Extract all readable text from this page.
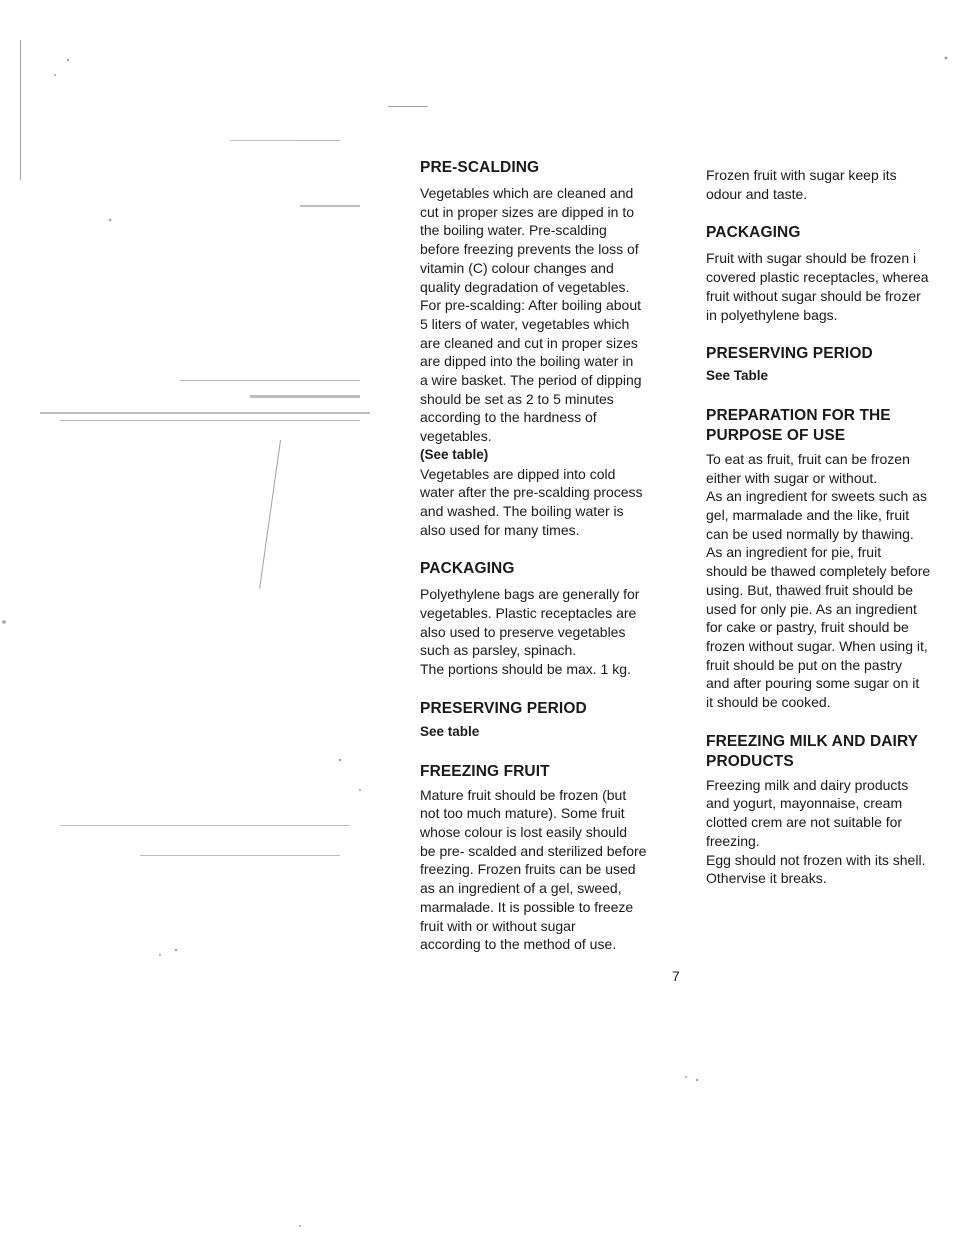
PRE-SCALDING

Vegetables which are cleaned and
cut in proper sizes are dipped in to
the boiling water. Pre-scalding
before freezing prevents the loss of
vitamin (C) colour changes and
quality degradation of vegetables.
For pre-scalding: After boiling about
5 liters of water, vegetables which
are cleaned and cut in proper sizes
are dipped into the boiling water in
a wire basket. The period of dipping
should be set as 2 to 5 minutes
according to the hardness of
vegetables.

(See table)

Vegetables are dipped into cold
water after the pre-scalding process
and washed. The boiling water is
also used for many times.

PACKAGING

Polyethylene bags are generally for
vegetables. Plastic receptacles are
also used to preserve vegetables
such as parsley, spinach.
The portions should be max. 1 kg.

PRESERVING PERIOD

See table

FREEZING FRUIT

Mature fruit should be frozen (but
not too much mature). Some fruit
whose colour is lost easily should
be pre- scalded and sterilized before
freezing. Frozen fruits can be used
as an ingredient of a gel, sweed,
marmalade. It is possible to freeze
fruit with or without sugar
according to the method of use.

Frozen fruit with sugar keep its
odour and taste.

PACKAGING

Fruit with sugar should be frozen i
covered plastic receptacles, wherea
fruit without sugar should be frozer
in polyethylene bags.

PRESERVING PERIOD

See Table

PREPARATION FOR THE
PURPOSE OF USE

To eat as fruit, fruit can be frozen
either with sugar or without.
As an ingredient for sweets such as
gel, marmalade and the like, fruit
can be used normally by thawing.
As an ingredient for pie, fruit
should be thawed completely before
using. But, thawed fruit should be
used for only pie. As an ingredient
for cake or pastry, fruit should be
frozen without sugar. When using it,
fruit should be put on the pastry
and after pouring some sugar on it
it should be cooked.

FREEZING MILK AND DAIRY
PRODUCTS

Freezing milk and dairy products
and yogurt, mayonnaise, cream
clotted crem are not suitable for
freezing.
Egg should not frozen with its shell.
Othervise it breaks.

7
